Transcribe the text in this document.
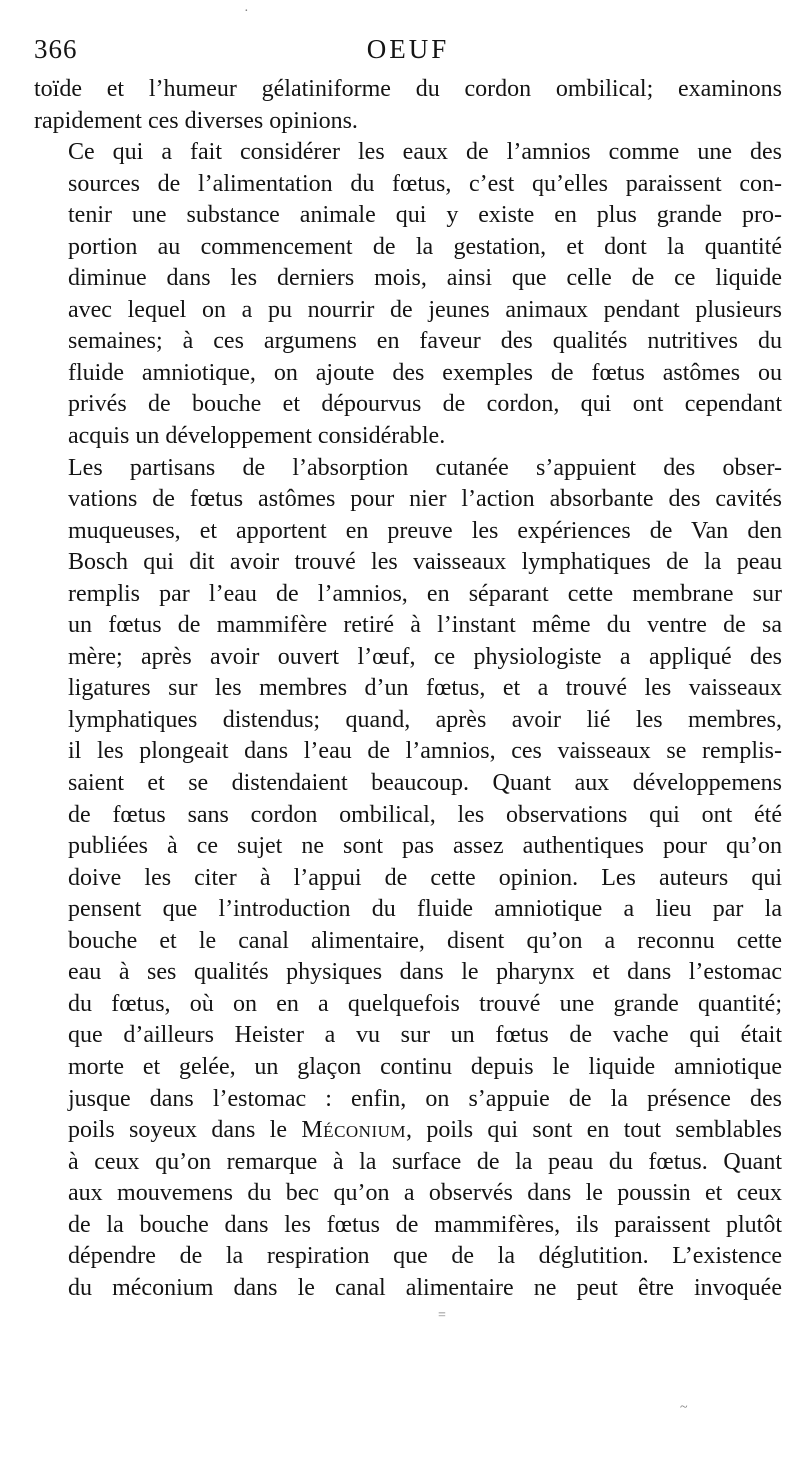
·
366	OEUF
toïde et l’humeur gélatiniforme du cordon ombilical; examinons
rapidement ces diverses opinions.
Ce qui a fait considérer les eaux de l’amnios comme une des
sources de l’alimentation du fœtus, c’est qu’elles paraissent con-
tenir une substance animale qui y existe en plus grande pro-
portion au commencement de la gestation, et dont la quantité
diminue dans les derniers mois, ainsi que celle de ce liquide
avec lequel on a pu nourrir de jeunes animaux pendant plusieurs
semaines; à ces argumens en faveur des qualités nutritives du
fluide amniotique, on ajoute des exemples de fœtus astômes ou
privés de bouche et dépourvus de cordon, qui ont cependant
acquis un développement considérable.
Les partisans de l’absorption cutanée s’appuient des obser-
vations de fœtus astômes pour nier l’action absorbante des cavités
muqueuses, et apportent en preuve les expériences de Van den
Bosch qui dit avoir trouvé les vaisseaux lymphatiques de la peau
remplis par l’eau de l’amnios, en séparant cette membrane sur
un fœtus de mammifère retiré à l’instant même du ventre de sa
mère; après avoir ouvert l’œuf, ce physiologiste a appliqué des
ligatures sur les membres d’un fœtus, et a trouvé les vaisseaux
lymphatiques distendus; quand, après avoir lié les membres,
il les plongeait dans l’eau de l’amnios, ces vaisseaux se remplis-
saient et se distendaient beaucoup. Quant aux développemens
de fœtus sans cordon ombilical, les observations qui ont été
publiées à ce sujet ne sont pas assez authentiques pour qu’on
doive les citer à l’appui de cette opinion. Les auteurs qui
pensent que l’introduction du fluide amniotique a lieu par la
bouche et le canal alimentaire, disent qu’on a reconnu cette
eau à ses qualités physiques dans le pharynx et dans l’estomac
du fœtus, où on en a quelquefois trouvé une grande quantité;
que d’ailleurs Heister a vu sur un fœtus de vache qui était
morte et gelée, un glaçon continu depuis le liquide amniotique
jusque dans l’estomac : enfin, on s’appuie de la présence des
poils soyeux dans le Méconium, poils qui sont en tout semblables
à ceux qu’on remarque à la surface de la peau du fœtus. Quant
aux mouvemens du bec qu’on a observés dans le poussin et ceux
de la bouche dans les fœtus de mammifères, ils paraissent plutôt
dépendre de la respiration que de la déglutition. L’existence
du méconium dans le canal alimentaire ne peut être invoquée
=
~
